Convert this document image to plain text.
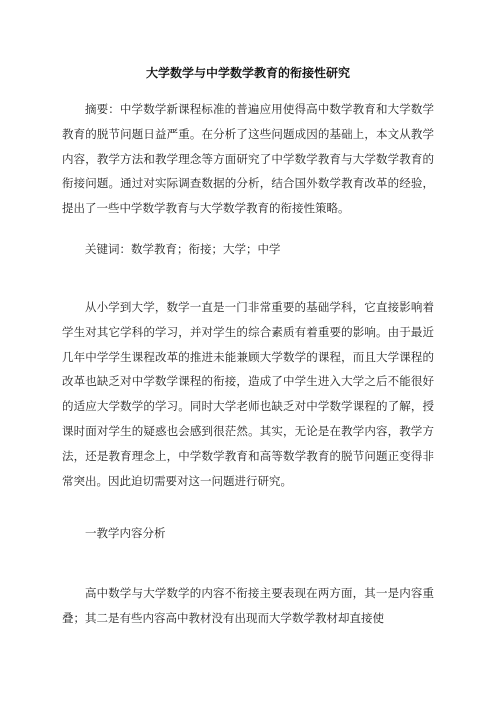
大学数学与中学数学教育的衔接性研究

摘要：中学数学新课程标准的普遍应用使得高中数学教育和大学数学教育的脱节问题日益严重。在分析了这些问题成因的基础上，本文从教学内容，教学方法和教学理念等方面研究了中学数学教育与大学数学教育的衔接问题。通过对实际调查数据的分析，结合国外数学教育改革的经验，提出了一些中学数学教育与大学数学教育的衔接性策略。

关键词：数学教育；衔接；大学；中学

从小学到大学，数学一直是一门非常重要的基础学科，它直接影响着学生对其它学科的学习，并对学生的综合素质有着重要的影响。由于最近几年中学学生课程改革的推进未能兼顾大学数学的课程，而且大学课程的改革也缺乏对中学数学课程的衔接，造成了中学生进入大学之后不能很好的适应大学数学的学习。同时大学老师也缺乏对中学数学课程的了解，授课时面对学生的疑惑也会感到很茫然。其实，无论是在教学内容，教学方法，还是教育理念上，中学数学教育和高等数学教育的脱节问题正变得非常突出。因此迫切需要对这一问题进行研究。

一教学内容分析

高中数学与大学数学的内容不衔接主要表现在两方面，其一是内容重叠；其二是有些内容高中教材没有出现而大学数学教材却直接使
